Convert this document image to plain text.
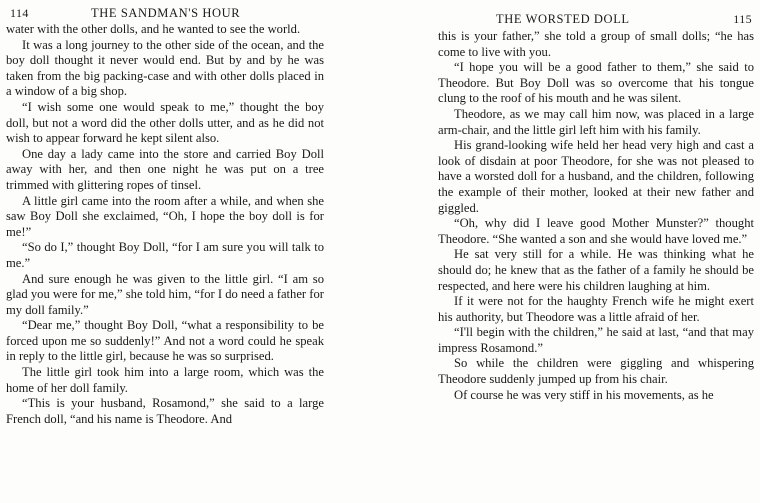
114	THE SANDMAN'S HOUR

water with the other dolls, and he wanted to see the world.

It was a long journey to the other side of the ocean, and the boy doll thought it never would end. But by and by he was taken from the big packing-case and with other dolls placed in a window of a big shop.

“I wish some one would speak to me,” thought the boy doll, but not a word did the other dolls utter, and as he did not wish to appear forward he kept silent also.

One day a lady came into the store and carried Boy Doll away with her, and then one night he was put on a tree trimmed with glittering ropes of tinsel.

A little girl came into the room after a while, and when she saw Boy Doll she exclaimed, “Oh, I hope the boy doll is for me!”

“So do I,” thought Boy Doll, “for I am sure you will talk to me.”

And sure enough he was given to the little girl. “I am so glad you were for me,” she told him, “for I do need a father for my doll family.”

“Dear me,” thought Boy Doll, “what a responsibility to be forced upon me so suddenly!” And not a word could he speak in reply to the little girl, because he was so surprised.

The little girl took him into a large room, which was the home of her doll family.

“This is your husband, Rosamond,” she said to a large French doll, “and his name is Theodore. And

THE WORSTED DOLL	115

this is your father,” she told a group of small dolls; “he has come to live with you.

“I hope you will be a good father to them,” she said to Theodore. But Boy Doll was so overcome that his tongue clung to the roof of his mouth and he was silent.

Theodore, as we may call him now, was placed in a large arm-chair, and the little girl left him with his family.

His grand-looking wife held her head very high and cast a look of disdain at poor Theodore, for she was not pleased to have a worsted doll for a husband, and the children, following the example of their mother, looked at their new father and giggled.

“Oh, why did I leave good Mother Munster?” thought Theodore. “She wanted a son and she would have loved me.”

He sat very still for a while. He was thinking what he should do; he knew that as the father of a family he should be respected, and here were his children laughing at him.

If it were not for the haughty French wife he might exert his authority, but Theodore was a little afraid of her.

“I'll begin with the children,” he said at last, “and that may impress Rosamond.”

So while the children were giggling and whispering Theodore suddenly jumped up from his chair.

Of course he was very stiff in his movements, as he
